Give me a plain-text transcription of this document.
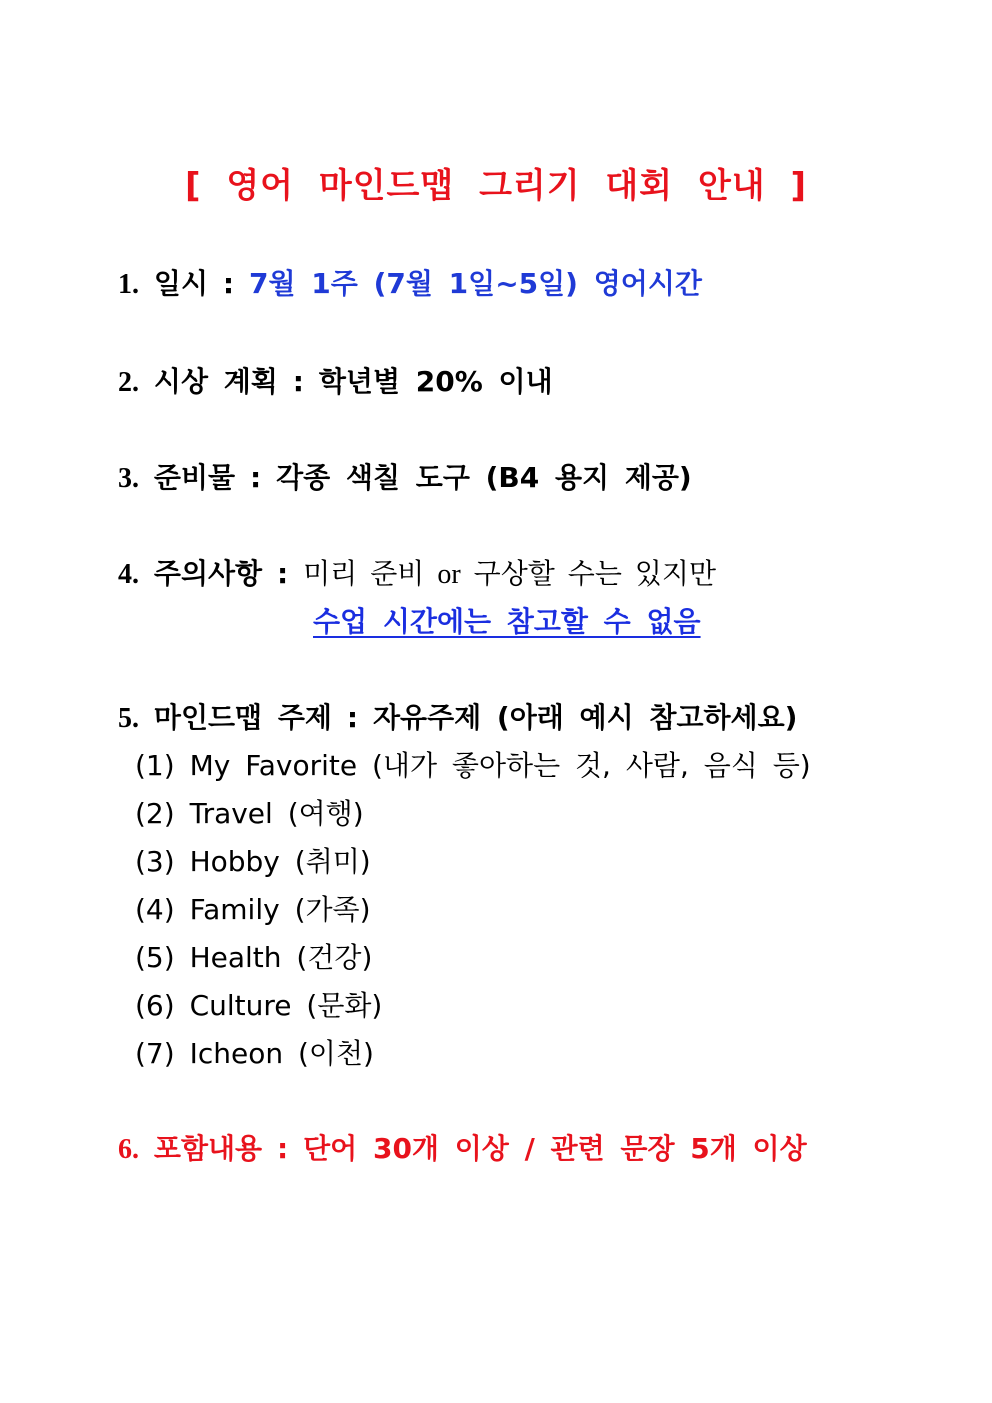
[ 영어 마인드맵 그리기 대회 안내 ]
1. 일시 : 7월 1주 (7월 1일~5일) 영어시간
2. 시상 계획 : 학년별 20% 이내
3. 준비물 : 각종 색칠 도구 (B4 용지 제공)
4. 주의사항 : 미리 준비 or 구상할 수는 있지만
수업 시간에는 참고할 수 없음
5. 마인드맵 주제 : 자유주제 (아래 예시 참고하세요)
(1) My Favorite (내가 좋아하는 것, 사람, 음식 등)
(2) Travel (여행)
(3) Hobby (취미)
(4) Family (가족)
(5) Health (건강)
(6) Culture (문화)
(7) Icheon (이천)
6. 포함내용 : 단어 30개 이상 / 관련 문장 5개 이상
